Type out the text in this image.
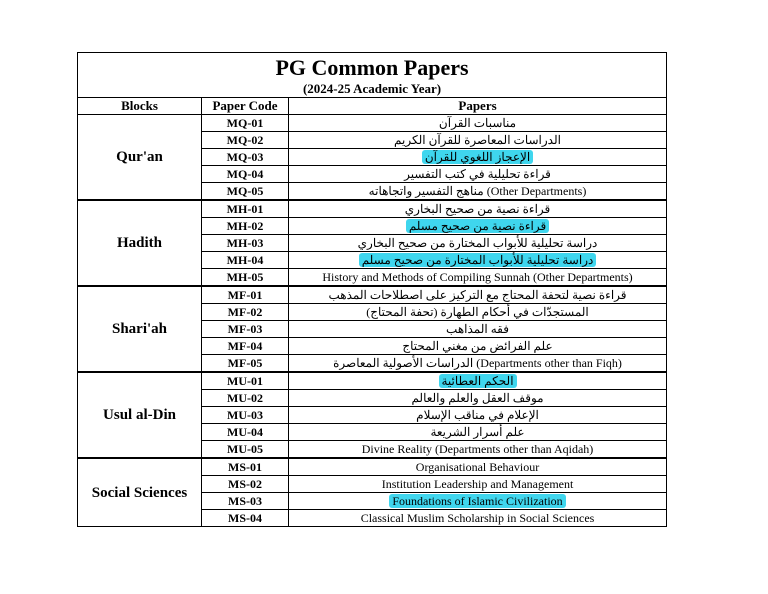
PG Common Papers
(2024-25 Academic Year)		

Blocks	Paper Code	Papers
Qur'an	MQ-01	مناسبات القرآن
	MQ-02	الدراسات المعاصرة للقرآن الكريم
	MQ-03	الإعجاز اللغوي للقرآن
	MQ-04	قراءة تحليلية في كتب التفسير
	MQ-05	مناهج التفسير واتجاهاته (Other Departments)
Hadith	MH-01	قراءة نصية من صحيح البخاري
	MH-02	قراءة نصية من صحيح مسلم
	MH-03	دراسة تحليلية للأبواب المختارة من صحيح البخاري
	MH-04	دراسة تحليلية للأبواب المختارة من صحيح مسلم
	MH-05	History and Methods of Compiling Sunnah (Other Departments)
Shari'ah	MF-01	قراءة نصية لتحفة المحتاج مع التركيز على اصطلاحات المذهب
	MF-02	المستجدّات في أحكام الطهارة (تحفة المحتاج)
	MF-03	فقه المذاهب
	MF-04	علم الفرائض من مغني المحتاج
	MF-05	الدراسات الأصولية المعاصرة (Departments other than Fiqh)
Usul al-Din	MU-01	الحكم العطائية
	MU-02	موقف العقل والعلم والعالم
	MU-03	الإعلام في مناقب الإسلام
	MU-04	علم أسرار الشريعة
	MU-05	Divine Reality (Departments other than Aqidah)
Social Sciences	MS-01	Organisational Behaviour
	MS-02	Institution Leadership and Management
	MS-03	Foundations of Islamic Civilization
	MS-04	Classical Muslim Scholarship in Social Sciences
